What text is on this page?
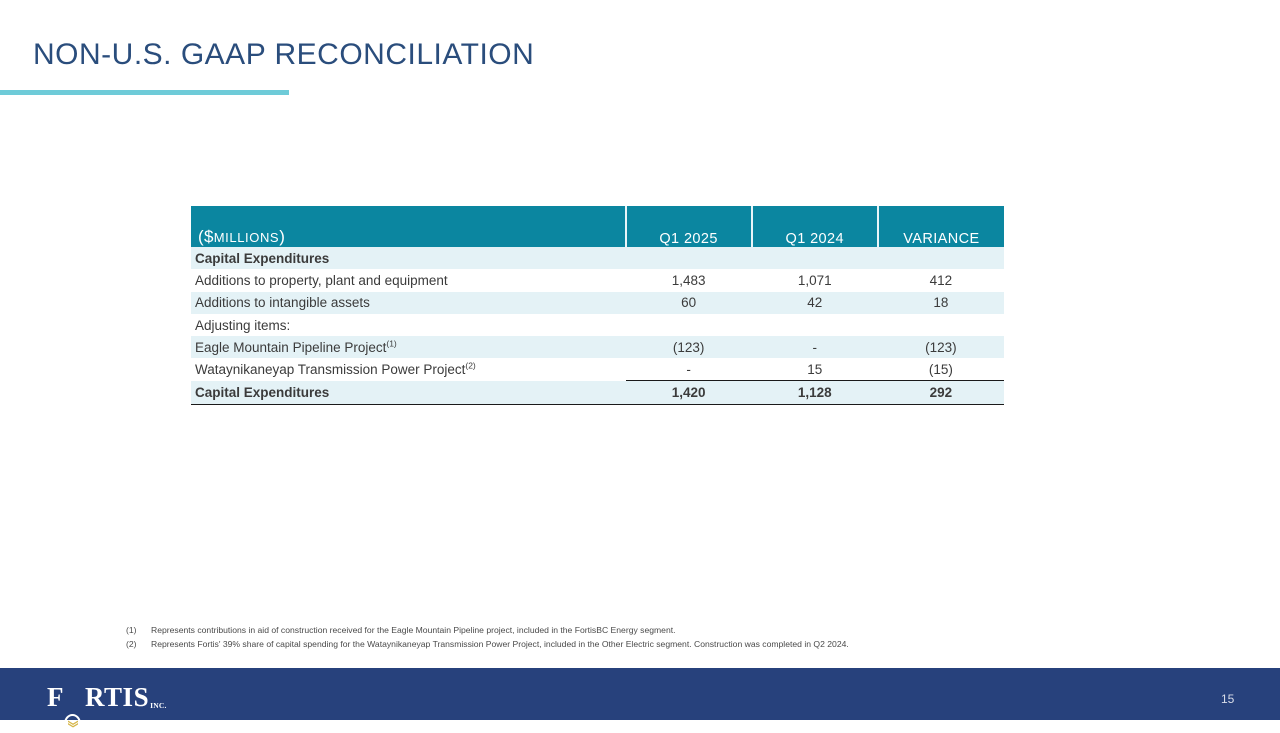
NON-U.S. GAAP RECONCILIATION
($MILLIONS)	Q1 2025	Q1 2024	VARIANCE
Capital Expenditures			
Additions to property, plant and equipment	1,483	1,071	412
Additions to intangible assets	60	42	18
Adjusting items:			
Eagle Mountain Pipeline Project$^{(1)}$	(123)	-	(123)
Wataynikaneyap Transmission Power Project$^{(2)}$	-	15	(15)
Capital Expenditures	1,420	1,128	292
(1)	Represents contributions in aid of construction received for the Eagle Mountain Pipeline project, included in the FortisBC Energy segment.
(2)	Represents Fortis' 39% share of capital spending for the Wataynikaneyap Transmission Power Project, included in the Other Electric segment. Construction was completed in Q2 2024.
F RTIS INC.	15
